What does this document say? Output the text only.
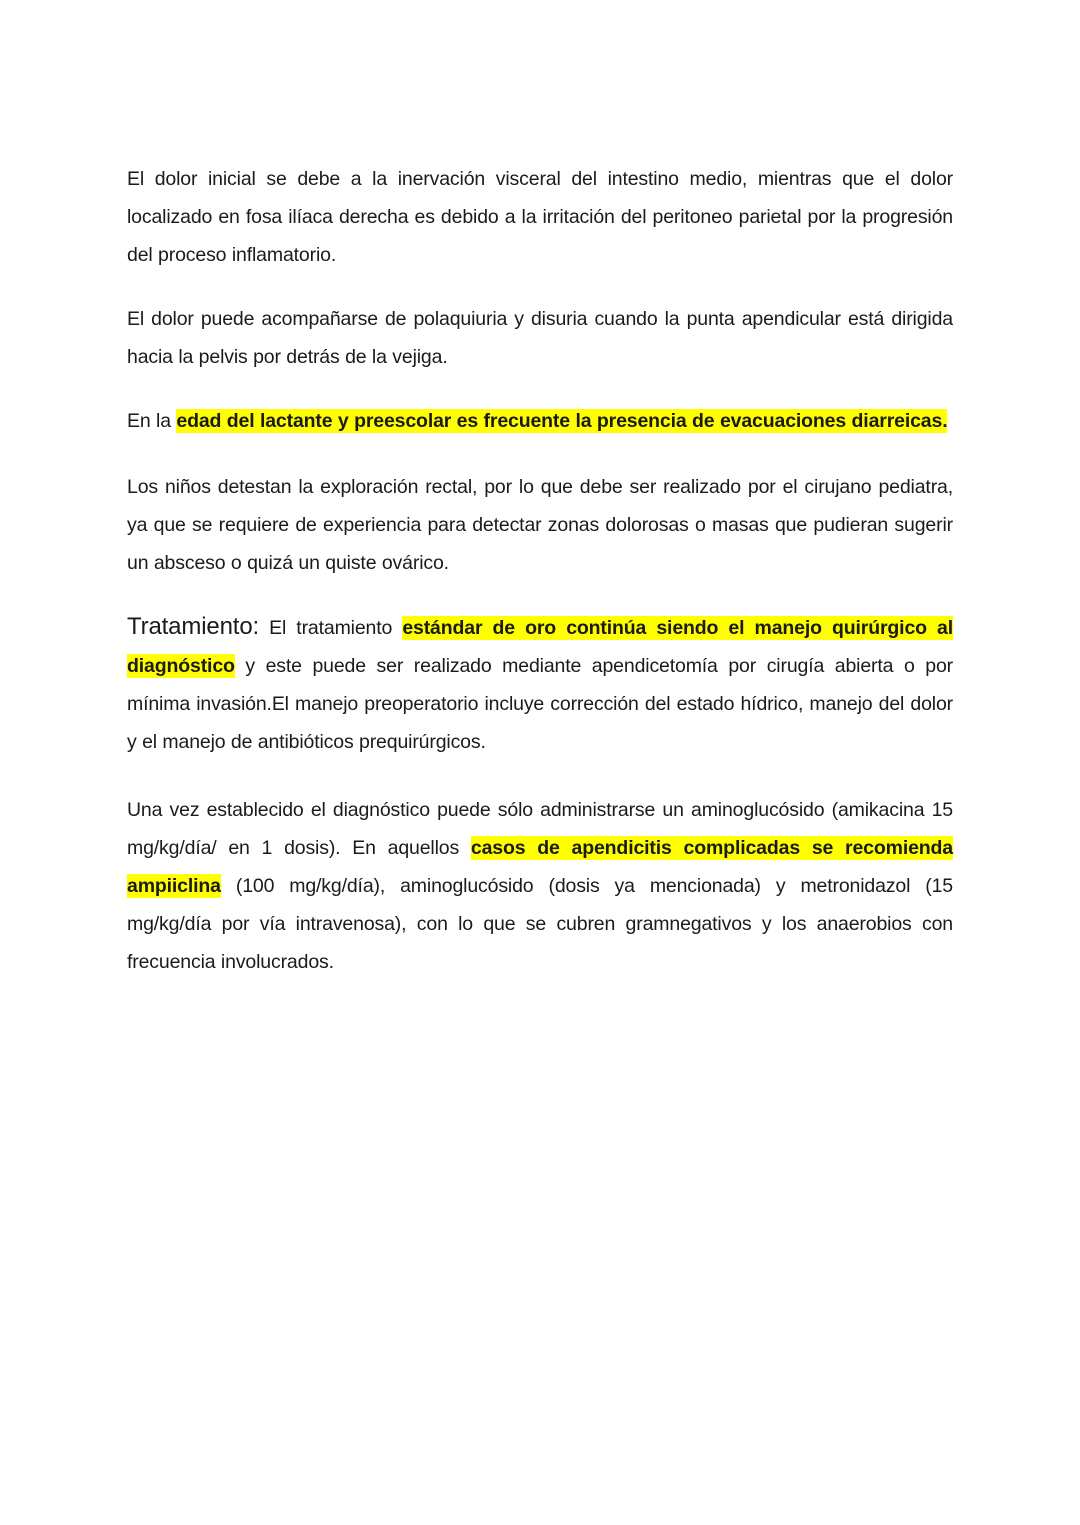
El dolor inicial se debe a la inervación visceral del intestino medio, mientras que el dolor localizado en fosa ilíaca derecha es debido a la irritación del peritoneo parietal por la progresión del proceso inflamatorio.

El dolor puede acompañarse de polaquiuria y disuria cuando la punta apendicular está dirigida hacia la pelvis por detrás de la vejiga.

En la edad del lactante y preescolar es frecuente la presencia de evacuaciones diarreicas.

Los niños detestan la exploración rectal, por lo que debe ser realizado por el cirujano pediatra, ya que se requiere de experiencia para detectar zonas dolorosas o masas que pudieran sugerir un absceso o quizá un quiste ovárico.

Tratamiento: El tratamiento estándar de oro continúa siendo el manejo quirúrgico al diagnóstico y este puede ser realizado mediante apendicetomía por cirugía abierta o por mínima invasión.El manejo preoperatorio incluye corrección del estado hídrico, manejo del dolor y el manejo de antibióticos prequirúrgicos.

Una vez establecido el diagnóstico puede sólo administrarse un aminoglucósido (amikacina 15 mg/kg/día/ en 1 dosis). En aquellos casos de apendicitis complicadas se recomienda ampiiclina (100 mg/kg/día), aminoglucósido (dosis ya mencionada) y metronidazol (15 mg/kg/día por vía intravenosa), con lo que se cubren gramnegativos y los anaerobios con frecuencia involucrados.
